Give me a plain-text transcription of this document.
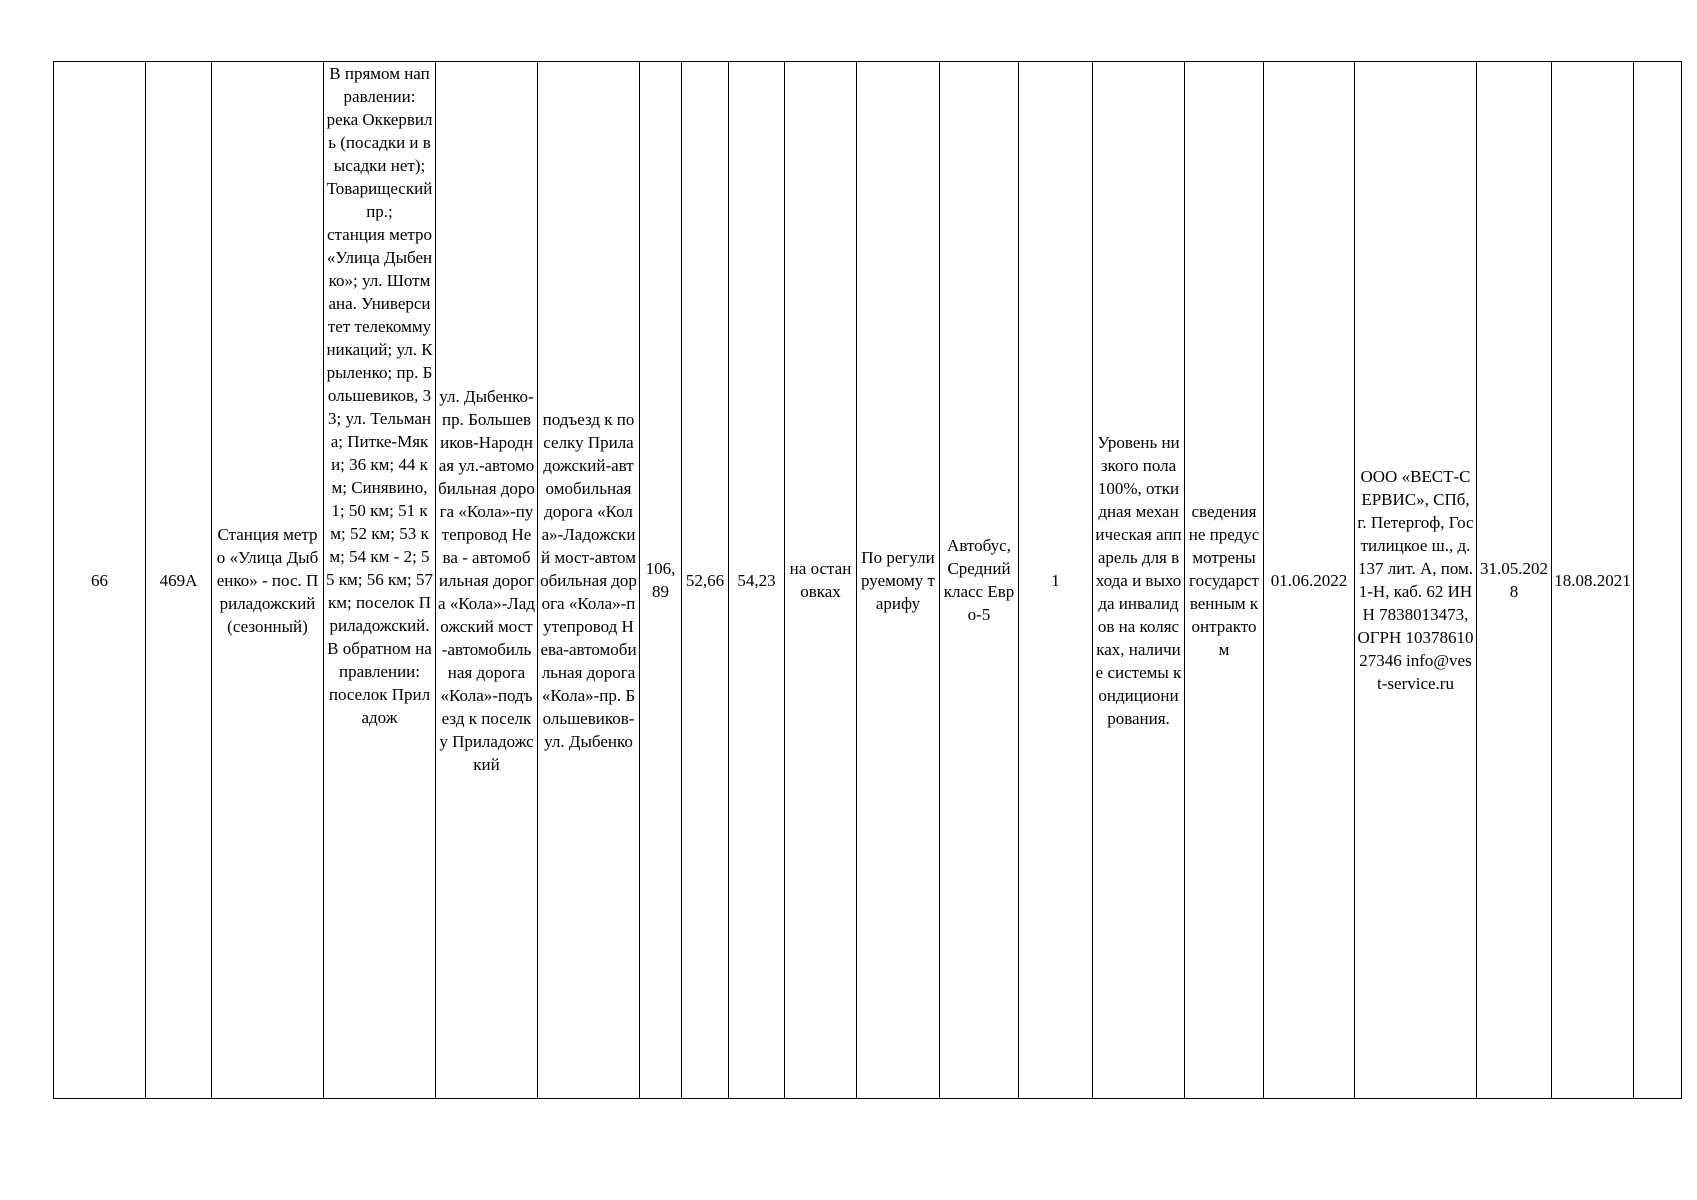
66	469А	Станция метро «Улица Дыбенко» - пос. Приладожский (сезонный)	В прямом направлении:
река Оккервиль (посадки и высадки нет);
Товарищеский пр.;
станция метро «Улица Дыбенко»; ул. Шотмана. Университет телекоммуникаций; ул. Крыленко; пр. Большевиков, 33; ул. Тельмана; Питке-Мяки; 36 км; 44 км; Синявино, 1; 50 км; 51 км; 52 км; 53 км; 54 км - 2; 55 км; 56 км; 57 км; поселок Приладожский.
В обратном направлении:
поселок Приладож	ул. Дыбенко-пр. Большевиков-Народная ул.-автомобильная дорога «Кола»-путепровод Нева - автомобильная дорога «Кола»-Ладожский мост-автомобильная дорога «Кола»-подъезд к поселку Приладожский	подъезд к поселку Приладожский-автомобильная дорога «Кола»-Ладожский мост-автомобильная дорога «Кола»-путепровод Нева-автомобильная дорога «Кола»-пр. Большевиков- ул. Дыбенко	106,89	52,66	54,23	на остановках	По регулируемому тарифу	Автобус, Средний класс Евро-5	1	Уровень низкого пола 100%, откидная механическая аппарель для входа и выхода инвалидов на колясках, наличие системы кондиционирования.	сведения не предусмотрены государственным контрактом	01.06.2022	ООО «ВЕСТ-СЕРВИС», СПб, г. Петергоф, Гостилицкое ш., д. 137 лит. А, пом. 1-Н, каб. 62 ИНН 7838013473, ОГРН 1037861027346 info@vest-service.ru	31.05.2028	18.08.2021	
